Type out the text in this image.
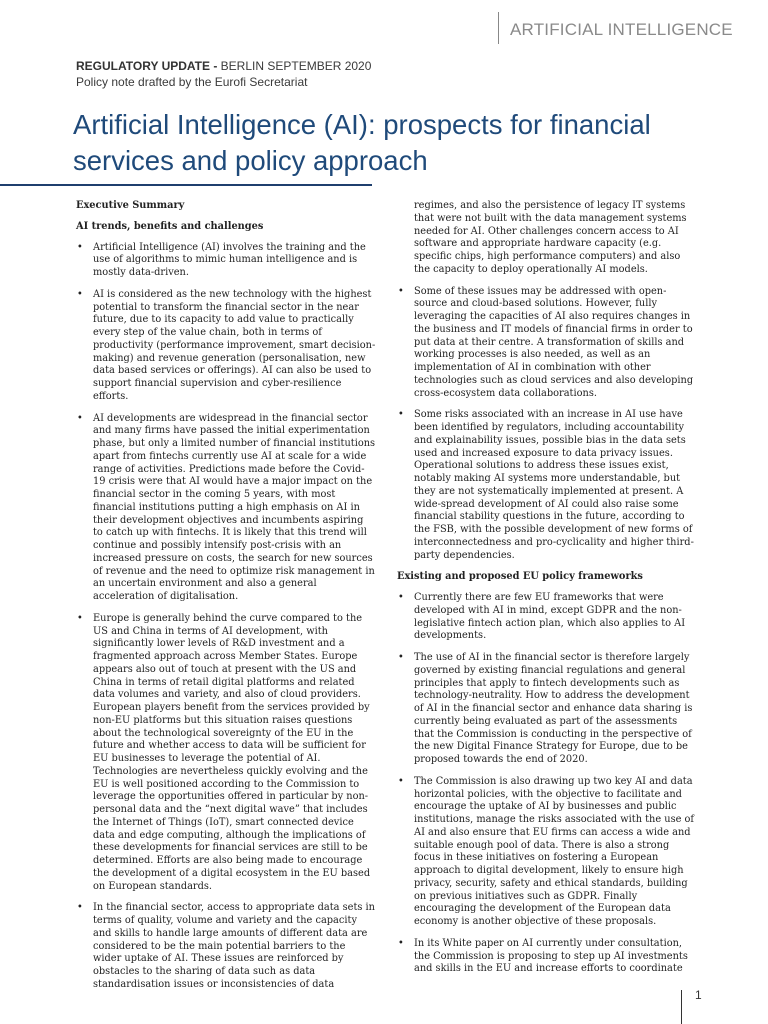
ARTIFICIAL INTELLIGENCE
REGULATORY UPDATE - BERLIN SEPTEMBER 2020
Policy note drafted by the Eurofi Secretariat
Artificial Intelligence (AI): prospects for financial services and policy approach

Executive Summary

AI trends, benefits and challenges

• Artificial Intelligence (AI) involves the training and the use of algorithms to mimic human intelligence and is mostly data-driven.
• AI is considered as the new technology with the highest potential to transform the financial sector in the near future, due to its capacity to add value to practically every step of the value chain, both in terms of productivity (performance improvement, smart decision-making) and revenue generation (personalisation, new data based services or offerings). AI can also be used to support financial supervision and cyber-resilience efforts.
• AI developments are widespread in the financial sector and many firms have passed the initial experimentation phase, but only a limited number of financial institutions apart from fintechs currently use AI at scale for a wide range of activities. Predictions made before the Covid-19 crisis were that AI would have a major impact on the financial sector in the coming 5 years, with most financial institutions putting a high emphasis on AI in their development objectives and incumbents aspiring to catch up with fintechs. It is likely that this trend will continue and possibly intensify post-crisis with an increased pressure on costs, the search for new sources of revenue and the need to optimize risk management in an uncertain environment and also a general acceleration of digitalisation.
• Europe is generally behind the curve compared to the US and China in terms of AI development, with significantly lower levels of R&D investment and a fragmented approach across Member States. Europe appears also out of touch at present with the US and China in terms of retail digital platforms and related data volumes and variety, and also of cloud providers. European players benefit from the services provided by non-EU platforms but this situation raises questions about the technological sovereignty of the EU in the future and whether access to data will be sufficient for EU businesses to leverage the potential of AI. Technologies are nevertheless quickly evolving and the EU is well positioned according to the Commission to leverage the opportunities offered in particular by non-personal data and the “next digital wave” that includes the Internet of Things (IoT), smart connected device data and edge computing, although the implications of these developments for financial services are still to be determined. Efforts are also being made to encourage the development of a digital ecosystem in the EU based on European standards.
• In the financial sector, access to appropriate data sets in terms of quality, volume and variety and the capacity and skills to handle large amounts of different data are considered to be the main potential barriers to the wider uptake of AI. These issues are reinforced by obstacles to the sharing of data such as data standardisation issues or inconsistencies of data

regimes, and also the persistence of legacy IT systems that were not built with the data management systems needed for AI. Other challenges concern access to AI software and appropriate hardware capacity (e.g. specific chips, high performance computers) and also the capacity to deploy operationally AI models.

• Some of these issues may be addressed with open-source and cloud-based solutions. However, fully leveraging the capacities of AI also requires changes in the business and IT models of financial firms in order to put data at their centre. A transformation of skills and working processes is also needed, as well as an implementation of AI in combination with other technologies such as cloud services and also developing cross-ecosystem data collaborations.
• Some risks associated with an increase in AI use have been identified by regulators, including accountability and explainability issues, possible bias in the data sets used and increased exposure to data privacy issues. Operational solutions to address these issues exist, notably making AI systems more understandable, but they are not systematically implemented at present. A wide-spread development of AI could also raise some financial stability questions in the future, according to the FSB, with the possible development of new forms of interconnectedness and pro-cyclicality and higher third-party dependencies.

Existing and proposed EU policy frameworks

• Currently there are few EU frameworks that were developed with AI in mind, except GDPR and the non-legislative fintech action plan, which also applies to AI developments.
• The use of AI in the financial sector is therefore largely governed by existing financial regulations and general principles that apply to fintech developments such as technology-neutrality. How to address the development of AI in the financial sector and enhance data sharing is currently being evaluated as part of the assessments that the Commission is conducting in the perspective of the new Digital Finance Strategy for Europe, due to be proposed towards the end of 2020.
• The Commission is also drawing up two key AI and data horizontal policies, with the objective to facilitate and encourage the uptake of AI by businesses and public institutions, manage the risks associated with the use of AI and also ensure that EU firms can access a wide and suitable enough pool of data. There is also a strong focus in these initiatives on fostering a European approach to digital development, likely to ensure high privacy, security, safety and ethical standards, building on previous initiatives such as GDPR. Finally encouraging the development of the European data economy is another objective of these proposals.
• In its White paper on AI currently under consultation, the Commission is proposing to step up AI investments and skills in the EU and increase efforts to coordinate
1
